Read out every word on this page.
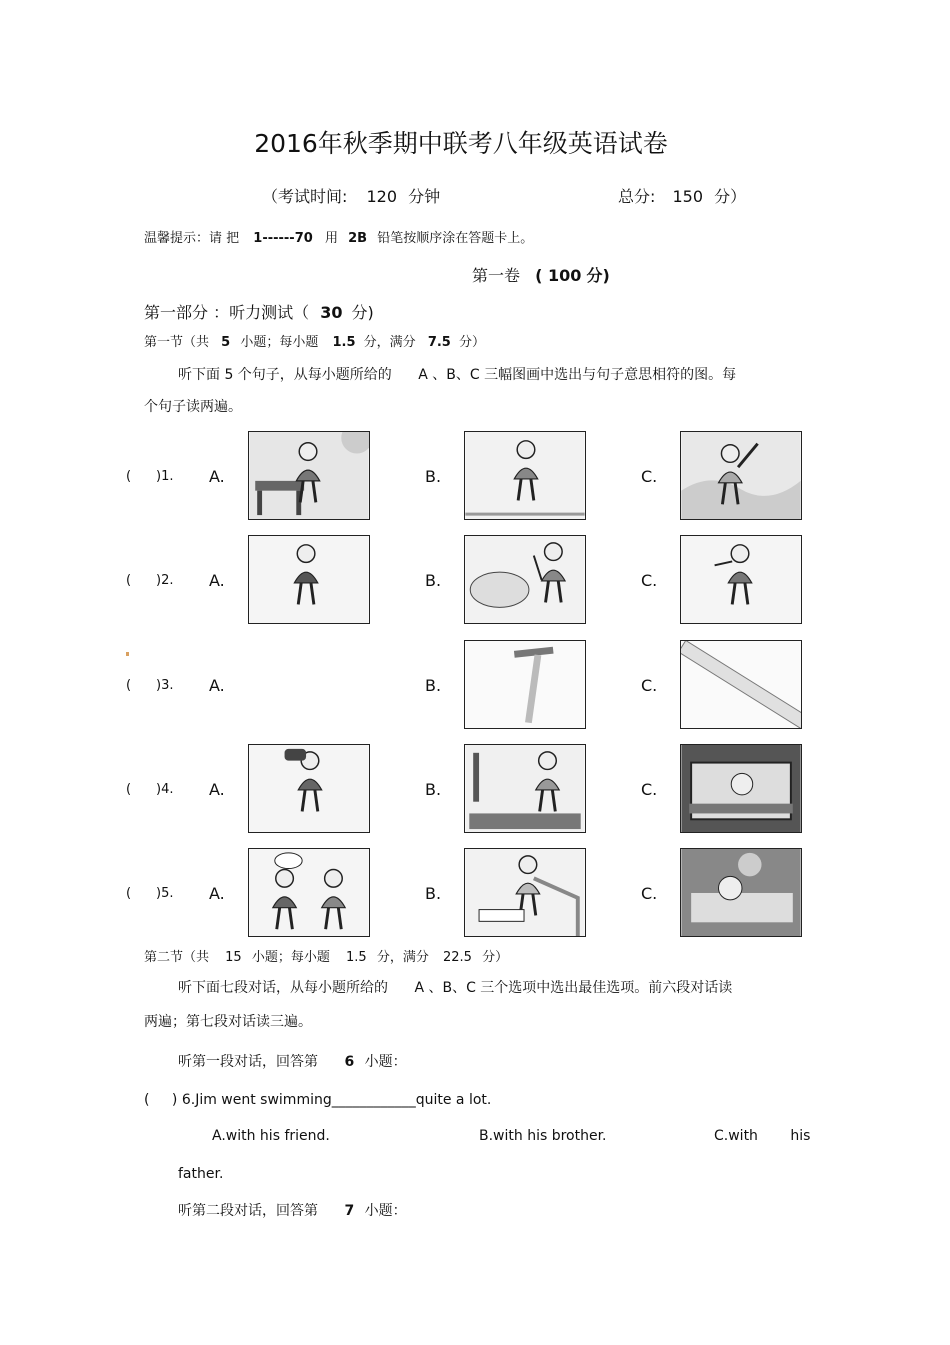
2016年秋季期中联考八年级英语试卷
（考试时间: 120 分钟	总分: 150 分）
温馨提示：请 把 1------70 用 2B 铅笔按顺序涂在答题卡上。
第一卷 ( 100 分)
第一部分 ：听力测试（ 30 分)
第一节（共 5 小题；每小题 1.5 分，满分 7.5 分）
听下面 5 个句子，从每小题所给的 A 、B、C 三幅图画中选出与句子意思相符的图。每
个句子读两遍。
( )1. A.	B.	C.
( )2. A.	B.	C.
( )3. A.	B.	C.
( )4. A.	B.	C.
( )5. A.	B.	C.
第二节（共 15 小题；每小题 1.5 分，满分 22.5 分）
听下面七段对话，从每小题所给的 A 、B、C 三个选项中选出最佳选项。前六段对话读
两遍；第七段对话读三遍。
听第一段对话，回答第 6 小题：
( ) 6.Jim went swimming____________quite a lot.
A.with his friend.	B.with his brother.	C.with his
father.
听第二段对话，回答第 7 小题：
